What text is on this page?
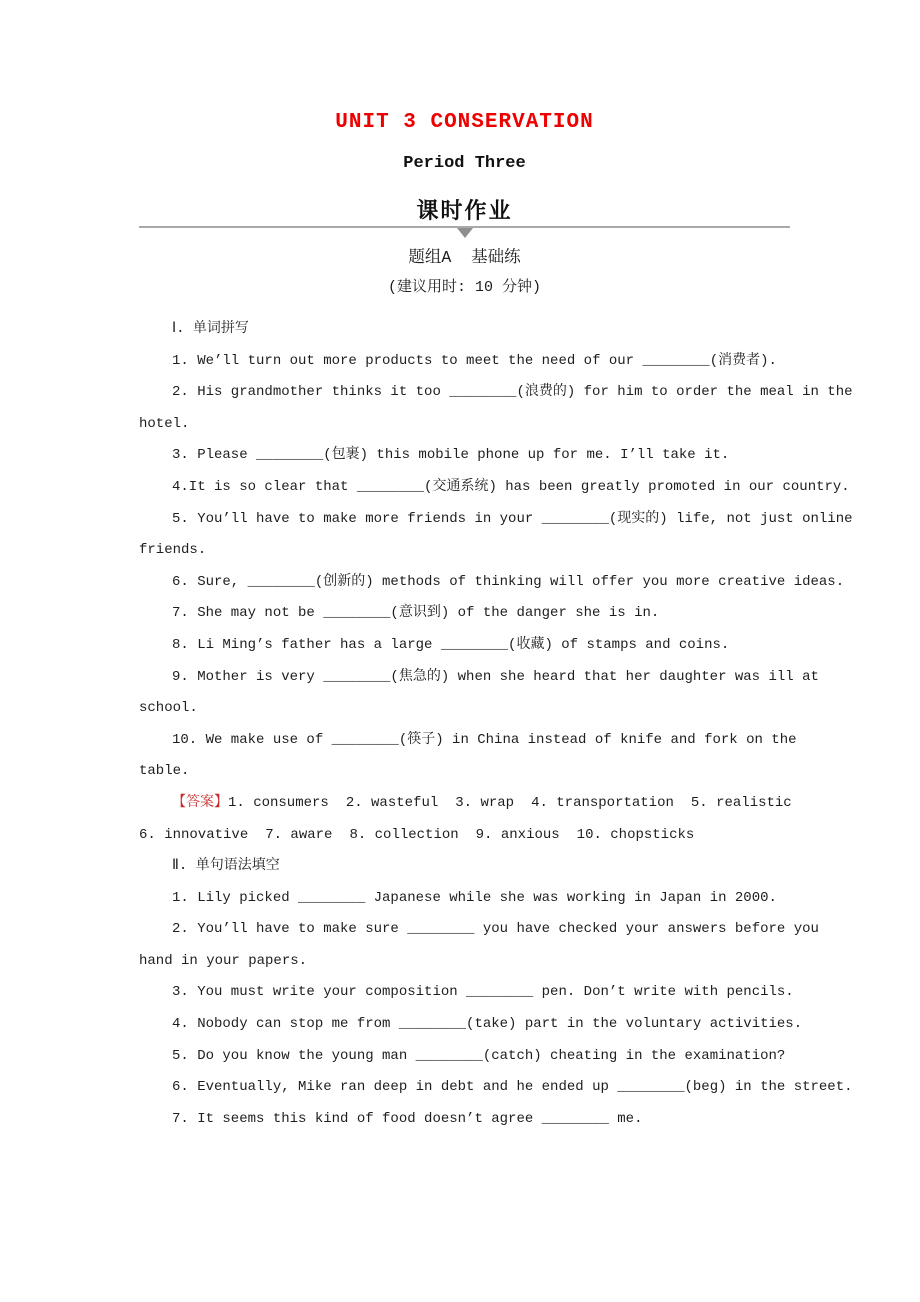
UNIT 3 CONSERVATION
Period Three
课时作业
题组A  基础练
(建议用时: 10 分钟)

Ⅰ. 单词拼写

1. We’ll turn out more products to meet the need of our ________(消费者).

2. His grandmother thinks it too ________(浪费的) for him to order the meal in the hotel.

3. Please ________(包裹) this mobile phone up for me. I’ll take it.

4.It is so clear that ________(交通系统) has been greatly promoted in our country.

5. You’ll have to make more friends in your ________(现实的) life, not just online friends.

6. Sure, ________(创新的) methods of thinking will offer you more creative ideas.

7. She may not be ________(意识到) of the danger she is in.

8. Li Ming’s father has a large ________(收藏) of stamps and coins.

9. Mother is very ________(焦急的) when she heard that her daughter was ill at school.

10. We make use of ________(筷子) in China instead of knife and fork on the table.

【答案】1. consumers 2. wasteful 3. wrap 4. transportation 5. realistic6. innovative 7. aware 8. collection 9. anxious 10. chopsticks

Ⅱ. 单句语法填空

1. Lily picked ________ Japanese while she was working in Japan in 2000.

2. You’ll have to make sure ________ you have checked your answers before you hand in your papers.

3. You must write your composition ________ pen. Don’t write with pencils.

4. Nobody can stop me from ________(take) part in the voluntary activities.

5. Do you know the young man ________(catch) cheating in the examination?

6. Eventually, Mike ran deep in debt and he ended up ________(beg) in the street.

7. It seems this kind of food doesn’t agree ________ me.
